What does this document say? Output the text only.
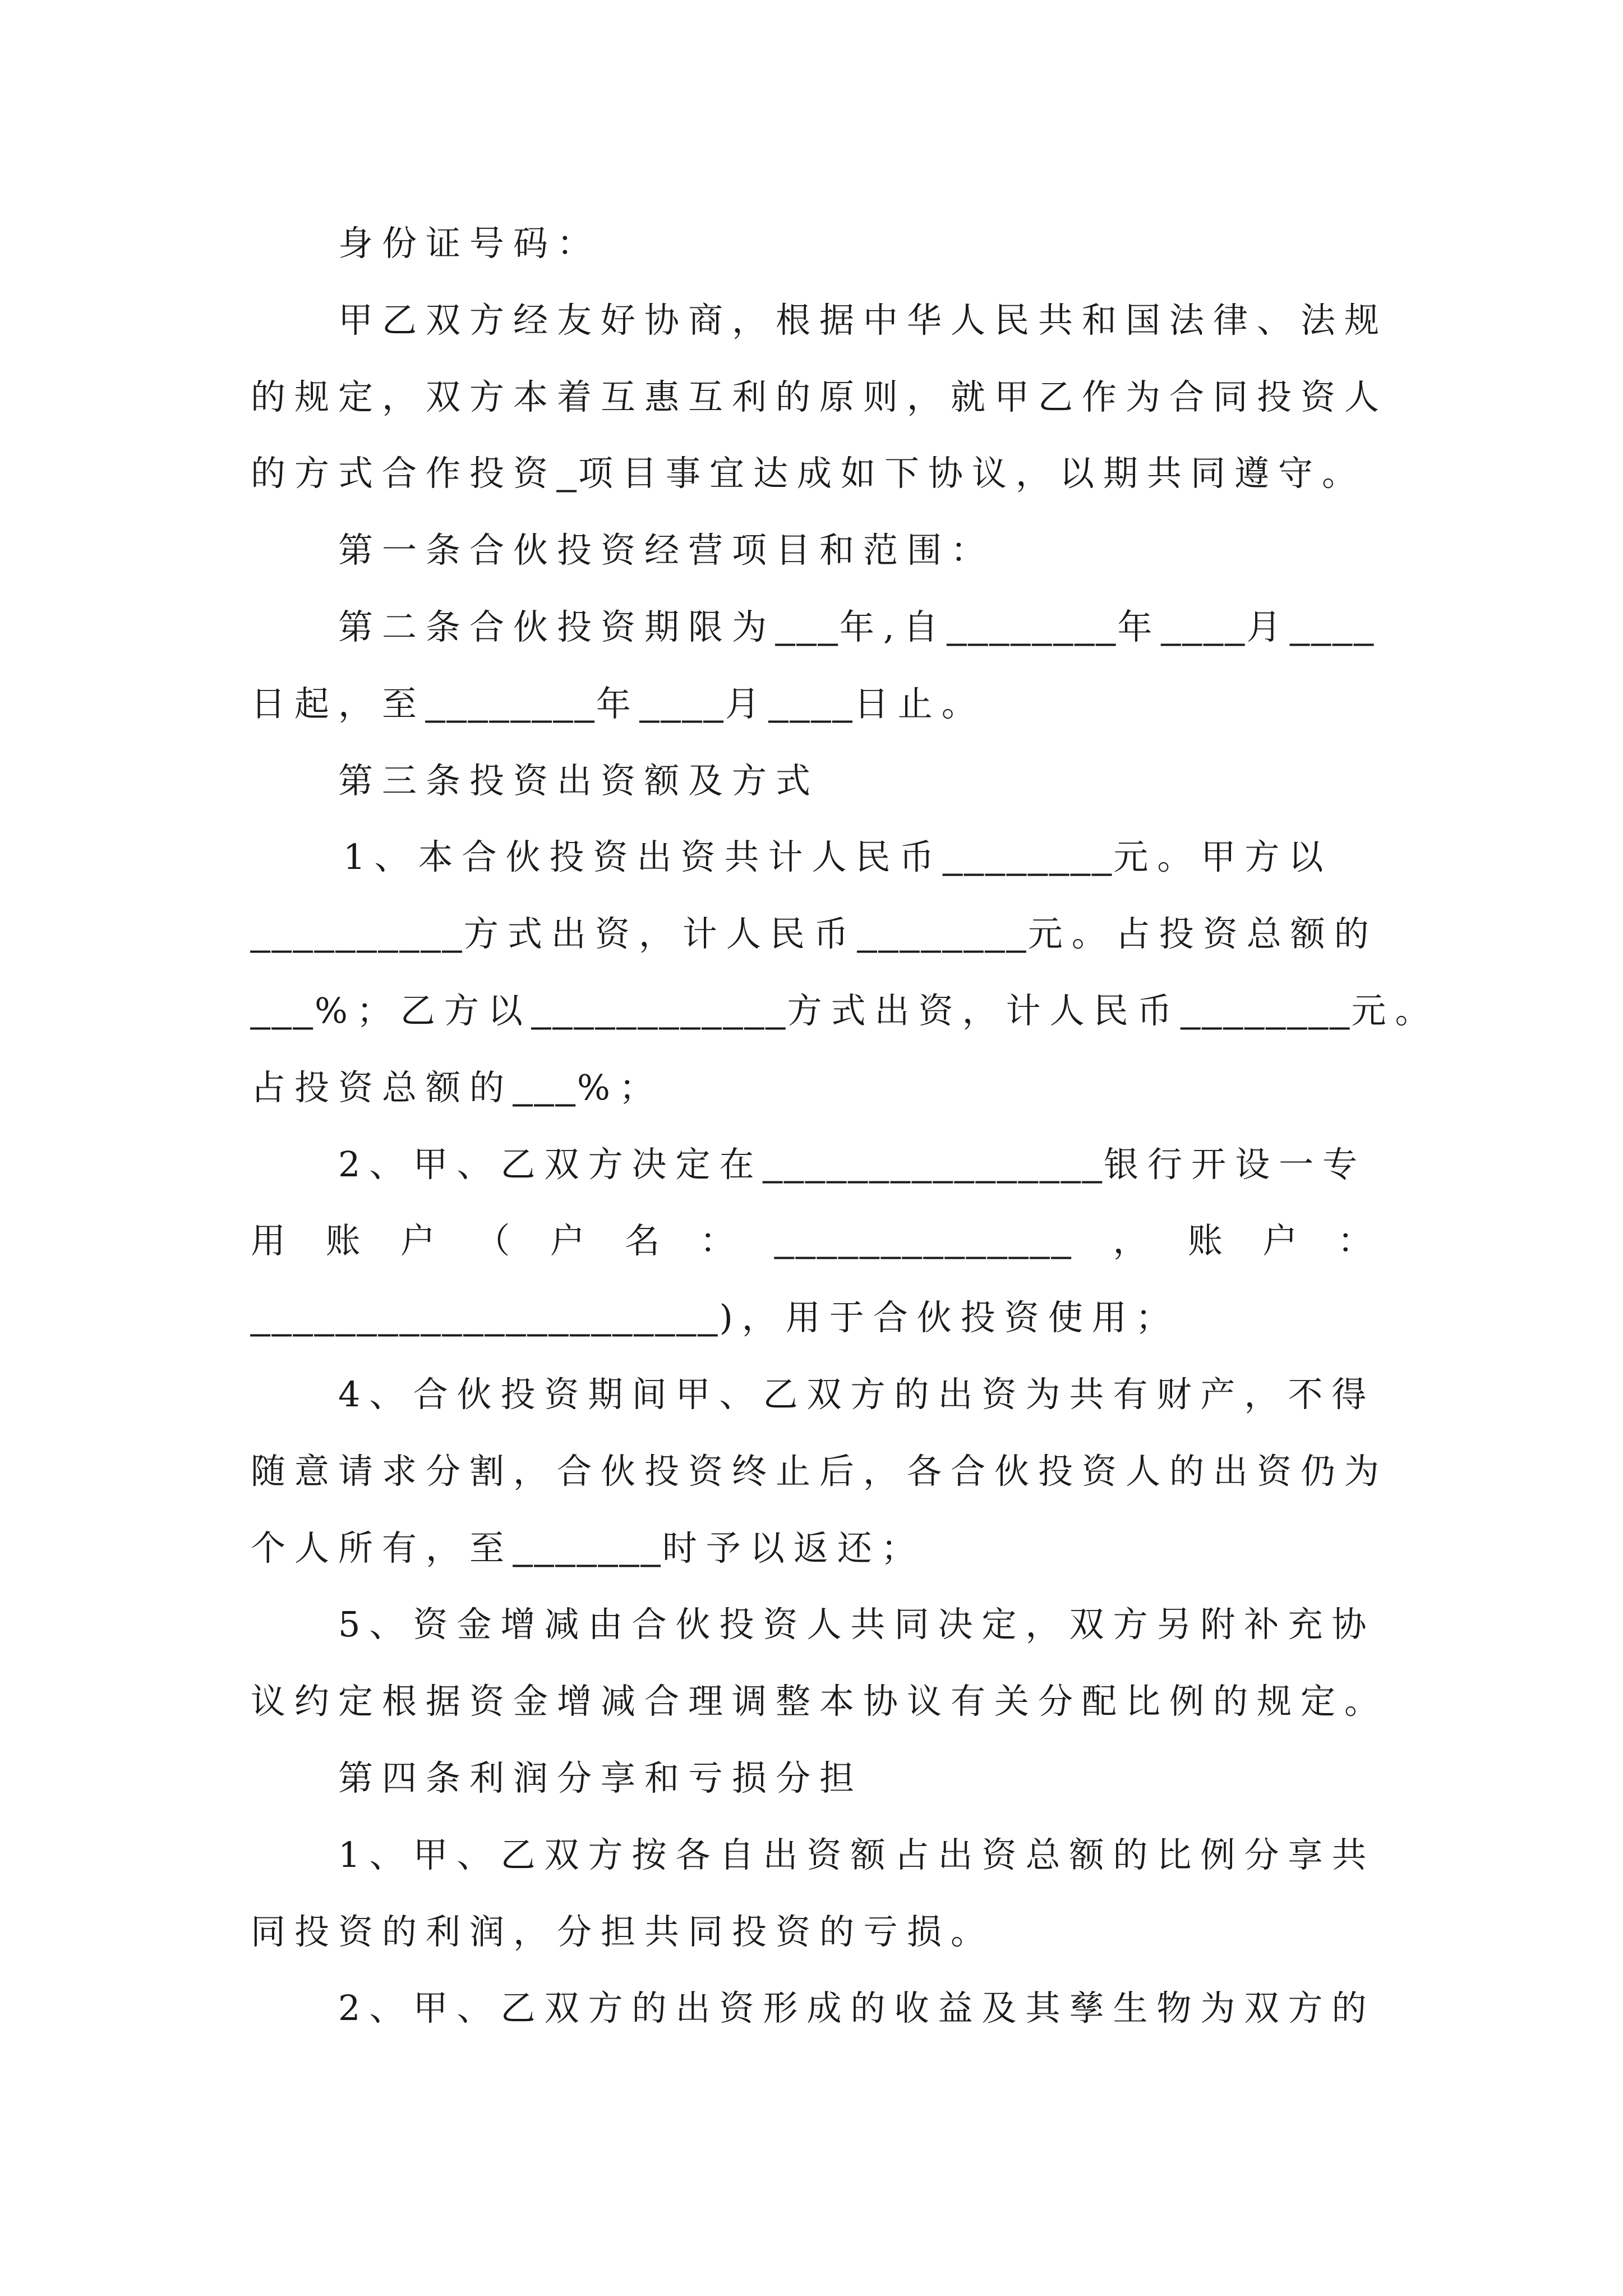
身份证号码：
甲乙双方经友好协商，根据中华人民共和国法律、法规
的规定，双方本着互惠互利的原则，就甲乙作为合同投资人
的方式合作投资_项目事宜达成如下协议，以期共同遵守。
第一条合伙投资经营项目和范围：
第二条合伙投资期限为___年,自________年____月____
日起，至________年____月____日止。
第三条投资出资额及方式
1、本合伙投资出资共计人民币________元。甲方以
__________方式出资，计人民币________元。占投资总额的
___%；乙方以____________方式出资，计人民币________元。
占投资总额的___%；
2、甲、乙双方决定在________________银行开设一专
用 账 户 （ 户 名 ： ______________ ， 账 户 ：
______________________)，用于合伙投资使用；
4、合伙投资期间甲、乙双方的出资为共有财产，不得
随意请求分割，合伙投资终止后，各合伙投资人的出资仍为
个人所有，至_______时予以返还；
5、资金增减由合伙投资人共同决定，双方另附补充协
议约定根据资金增减合理调整本协议有关分配比例的规定。
第四条利润分享和亏损分担
1、甲、乙双方按各自出资额占出资总额的比例分享共
同投资的利润，分担共同投资的亏损。
2、甲、乙双方的出资形成的收益及其孳生物为双方的
